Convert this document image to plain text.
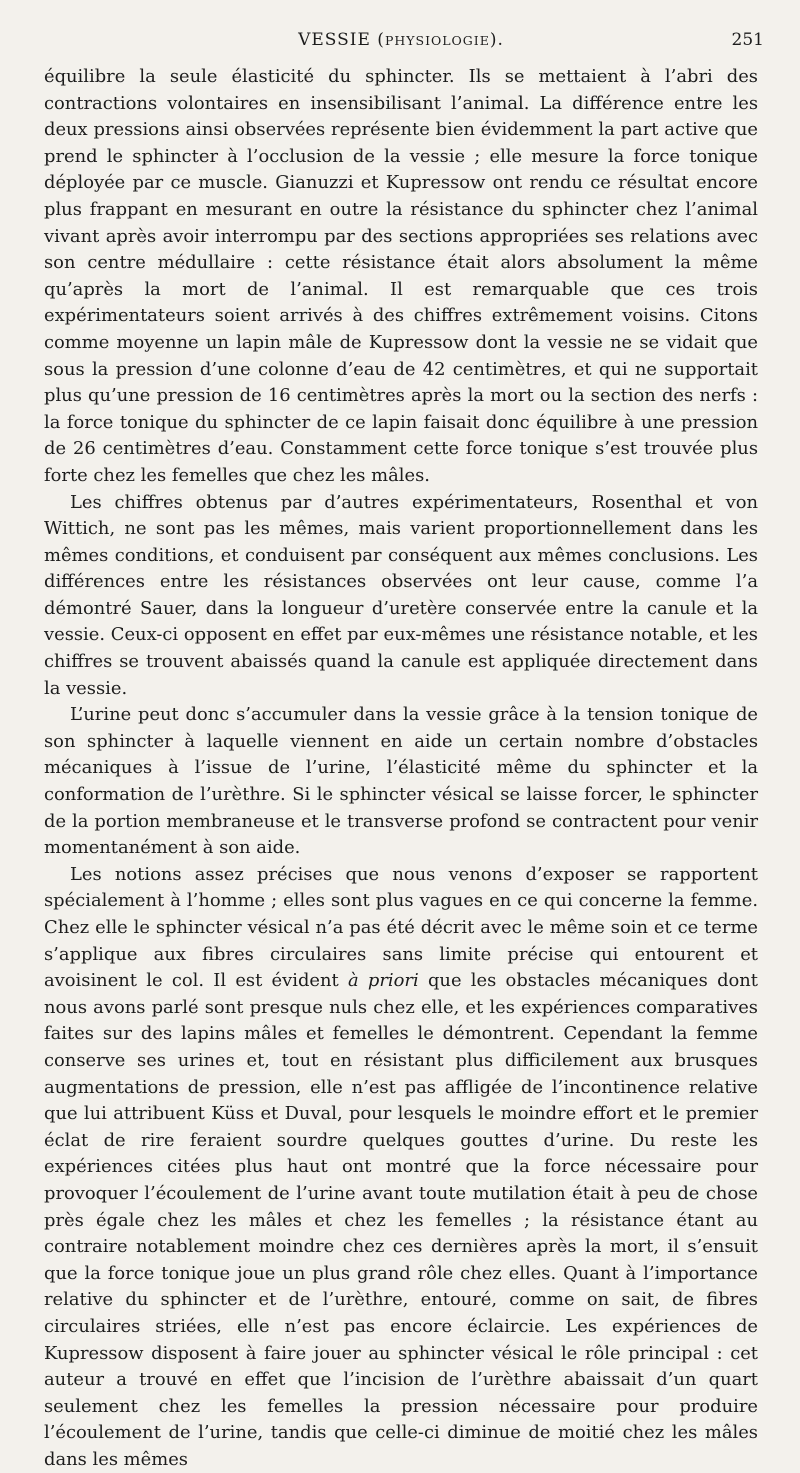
VESSIE (PHYSIOLOGIE).	251

équilibre la seule élasticité du sphincter. Ils se mettaient à l’abri des contractions volontaires en insensibilisant l’animal. La différence entre les deux pressions ainsi observées représente bien évidemment la part active que prend le sphincter à l’occlusion de la vessie ; elle mesure la force tonique déployée par ce muscle. Gianuzzi et Kupressow ont rendu ce résultat encore plus frappant en mesurant en outre la résistance du sphincter chez l’animal vivant après avoir interrompu par des sections appropriées ses relations avec son centre médullaire : cette résistance était alors absolument la même qu’après la mort de l’animal. Il est remarquable que ces trois expérimentateurs soient arrivés à des chiffres extrêmement voisins. Citons comme moyenne un lapin mâle de Kupressow dont la vessie ne se vidait que sous la pression d’une colonne d’eau de 42 centimètres, et qui ne supportait plus qu’une pression de 16 centimètres après la mort ou la section des nerfs : la force tonique du sphincter de ce lapin faisait donc équilibre à une pression de 26 centimètres d’eau. Constamment cette force tonique s’est trouvée plus forte chez les femelles que chez les mâles.

Les chiffres obtenus par d’autres expérimentateurs, Rosenthal et von Wittich, ne sont pas les mêmes, mais varient proportionnellement dans les mêmes conditions, et conduisent par conséquent aux mêmes conclusions. Les différences entre les résistances observées ont leur cause, comme l’a démontré Sauer, dans la longueur d’uretère conservée entre la canule et la vessie. Ceux-ci opposent en effet par eux-mêmes une résistance notable, et les chiffres se trouvent abaissés quand la canule est appliquée directement dans la vessie.

L’urine peut donc s’accumuler dans la vessie grâce à la tension tonique de son sphincter à laquelle viennent en aide un certain nombre d’obstacles mécaniques à l’issue de l’urine, l’élasticité même du sphincter et la conformation de l’urèthre. Si le sphincter vésical se laisse forcer, le sphincter de la portion membraneuse et le transverse profond se contractent pour venir momentanément à son aide.

Les notions assez précises que nous venons d’exposer se rapportent spécialement à l’homme ; elles sont plus vagues en ce qui concerne la femme. Chez elle le sphincter vésical n’a pas été décrit avec le même soin et ce terme s’applique aux fibres circulaires sans limite précise qui entourent et avoisinent le col. Il est évident à priori que les obstacles mécaniques dont nous avons parlé sont presque nuls chez elle, et les expériences comparatives faites sur des lapins mâles et femelles le démontrent. Cependant la femme conserve ses urines et, tout en résistant plus difficilement aux brusques augmentations de pression, elle n’est pas affligée de l’incontinence relative que lui attribuent Küss et Duval, pour lesquels le moindre effort et le premier éclat de rire feraient sourdre quelques gouttes d’urine. Du reste les expériences citées plus haut ont montré que la force nécessaire pour provoquer l’écoulement de l’urine avant toute mutilation était à peu de chose près égale chez les mâles et chez les femelles ; la résistance étant au contraire notablement moindre chez ces dernières après la mort, il s’ensuit que la force tonique joue un plus grand rôle chez elles. Quant à l’importance relative du sphincter et de l’urèthre, entouré, comme on sait, de fibres circulaires striées, elle n’est pas encore éclaircie. Les expériences de Kupressow disposent à faire jouer au sphincter vésical le rôle principal : cet auteur a trouvé en effet que l’incision de l’urèthre abaissait d’un quart seulement chez les femelles la pression nécessaire pour produire l’écoulement de l’urine, tandis que celle-ci diminue de moitié chez les mâles dans les mêmes
